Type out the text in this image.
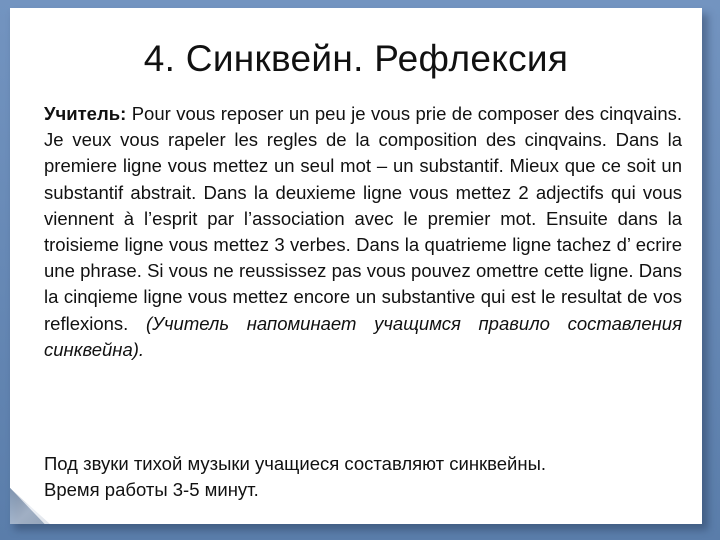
4. Синквейн. Рефлексия

Учитель: Pour vous reposer un peu je vous prie de composer des cinqvains. Je veux vous rapeler les regles de la composition des cinqvains. Dans la premiere ligne vous mettez un seul mot – un substantif. Mieux que ce soit un substantif abstrait. Dans la deuxieme ligne vous mettez 2 adjectifs qui vous viennent à l’esprit par l’association avec le premier mot. Ensuite dans la troisieme ligne vous mettez 3 verbes. Dans la quatrieme ligne tachez d’ ecrire une phrase. Si vous ne reussissez pas vous pouvez omettre cette ligne. Dans la cinqieme ligne vous mettez encore un substantive qui est le resultat de vos reflexions. (Учитель напоминает учащимся правило составления синквейна).

Под звуки тихой музыки учащиеся составляют синквейны. Время работы 3-5 минут.
